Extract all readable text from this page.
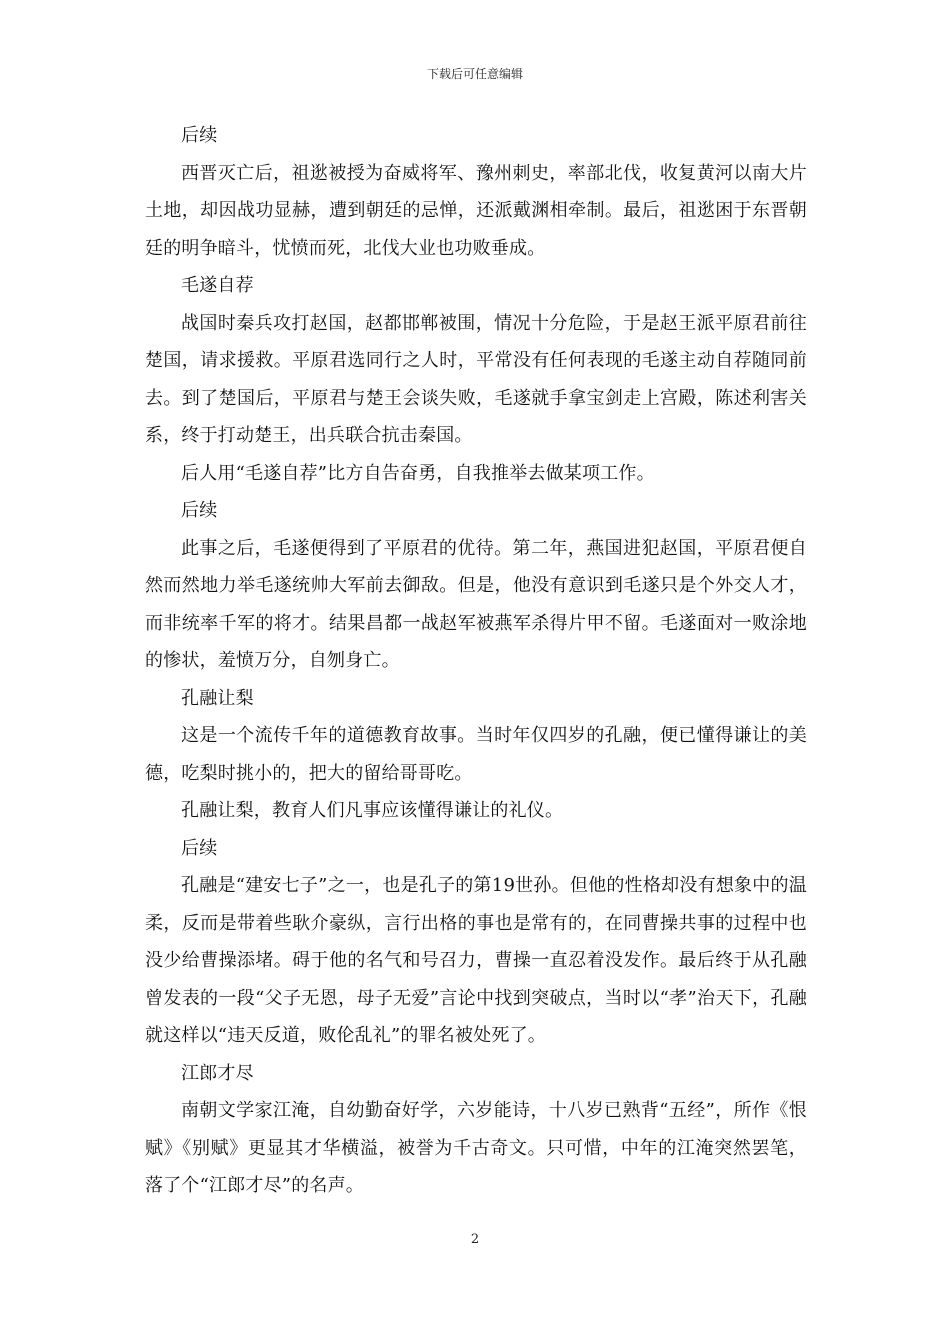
下载后可任意编辑

后续

西晋灭亡后，祖逖被授为奋威将军、豫州刺史，率部北伐，收复黄河以南大片土地，却因战功显赫，遭到朝廷的忌惮，还派戴渊相牵制。最后，祖逖困于东晋朝廷的明争暗斗，忧愤而死，北伐大业也功败垂成。

毛遂自荐

战国时秦兵攻打赵国，赵都邯郸被围，情况十分危险，于是赵王派平原君前往楚国，请求援救。平原君选同行之人时，平常没有任何表现的毛遂主动自荐随同前去。到了楚国后，平原君与楚王会谈失败，毛遂就手拿宝剑走上宫殿，陈述利害关系，终于打动楚王，出兵联合抗击秦国。

后人用“毛遂自荐”比方自告奋勇，自我推举去做某项工作。

后续

此事之后，毛遂便得到了平原君的优待。第二年，燕国进犯赵国，平原君便自然而然地力举毛遂统帅大军前去御敌。但是，他没有意识到毛遂只是个外交人才，而非统率千军的将才。结果昌都一战赵军被燕军杀得片甲不留。毛遂面对一败涂地的惨状，羞愤万分，自刎身亡。

孔融让梨

这是一个流传千年的道德教育故事。当时年仅四岁的孔融，便已懂得谦让的美德，吃梨时挑小的，把大的留给哥哥吃。

孔融让梨，教育人们凡事应该懂得谦让的礼仪。

后续

孔融是“建安七子”之一，也是孔子的第19世孙。但他的性格却没有想象中的温柔，反而是带着些耿介豪纵，言行出格的事也是常有的，在同曹操共事的过程中也没少给曹操添堵。碍于他的名气和号召力，曹操一直忍着没发作。最后终于从孔融曾发表的一段“父子无恩，母子无爱”言论中找到突破点，当时以“孝”治天下，孔融就这样以“违天反道，败伦乱礼”的罪名被处死了。

江郎才尽

南朝文学家江淹，自幼勤奋好学，六岁能诗，十八岁已熟背“五经”，所作《恨赋》《别赋》更显其才华横溢，被誉为千古奇文。只可惜，中年的江淹突然罢笔，落了个“江郎才尽”的名声。

2
